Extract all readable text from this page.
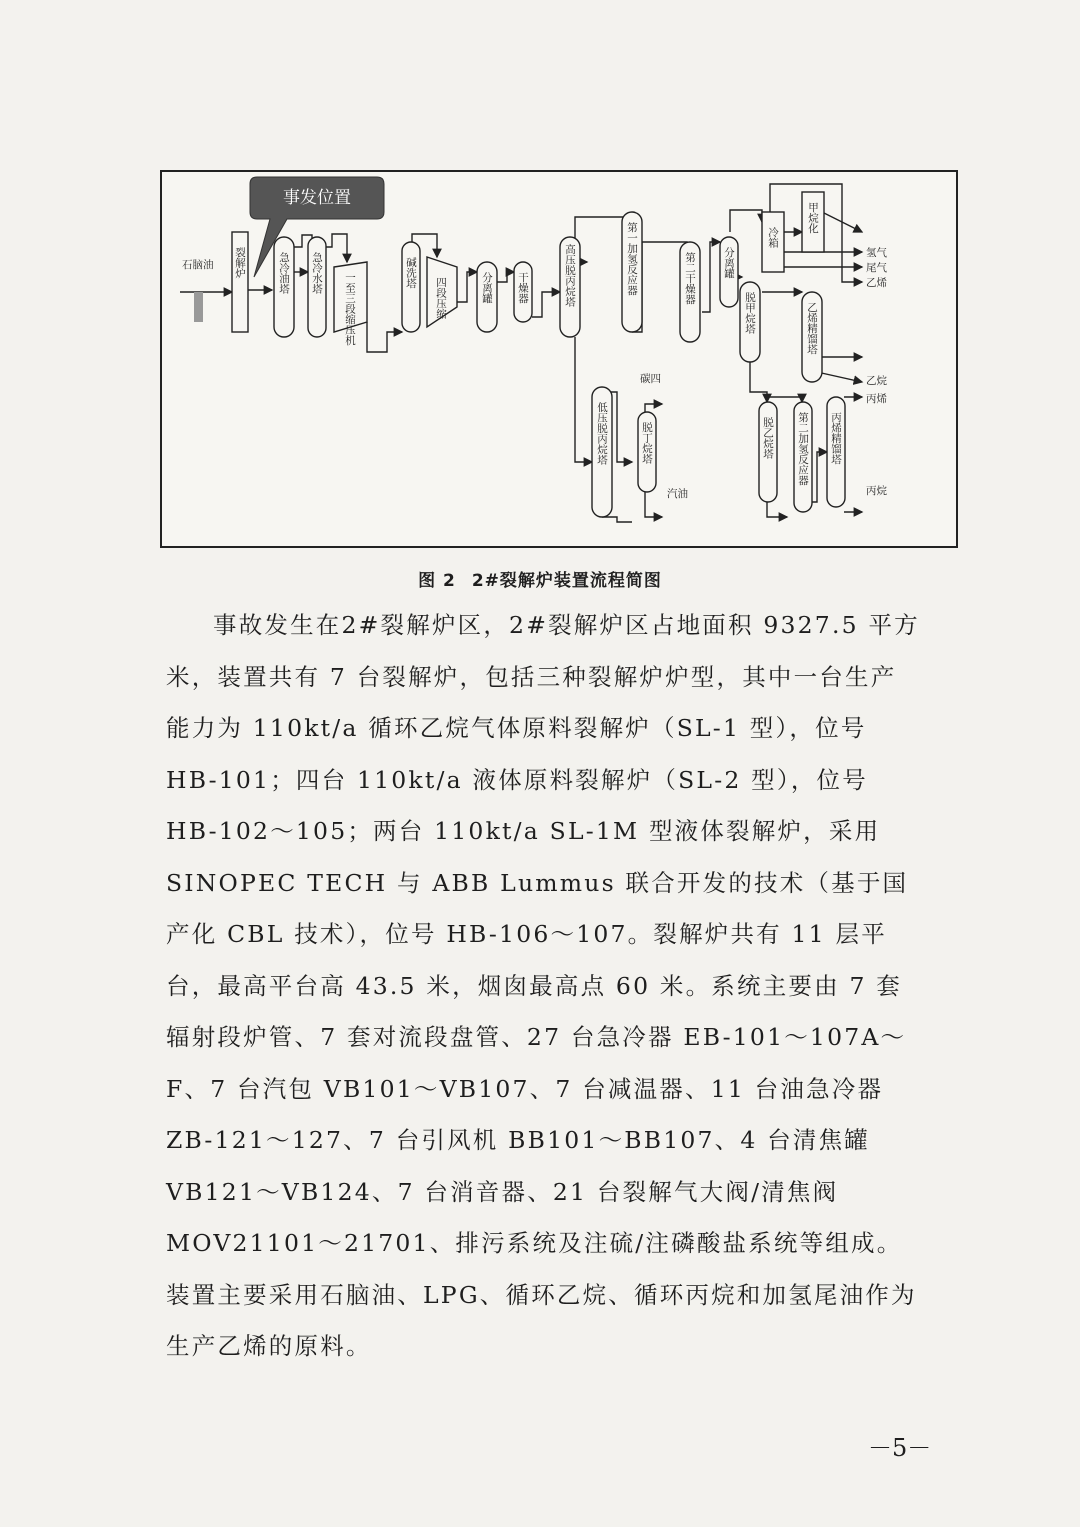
事发位置
石脑油 裂解炉	急冷油塔 急冷水塔 一至三段缩压机	碱洗塔
四段压缩	分离罐 干燥器	高压脱丙烷塔	第一加氢反应器	第二干燥器	分离罐
冷箱
甲烷化
脱甲烷塔	乙烯精馏塔
低压脱丙烷塔	脱丁烷塔	脱乙烷塔 第二加氢反应器 丙烯精馏塔
氢气
尾气
乙烯
乙烷
丙烯
碳四
汽油	丙烷
图 2 2#裂解炉装置流程简图

事故发生在2#裂解炉区，2#裂解炉区占地面积 9327.5 平方米，装置共有 7 台裂解炉，包括三种裂解炉炉型，其中一台生产能力为 110kt/a 循环乙烷气体原料裂解炉（SL-1 型），位号 HB-101；四台 110kt/a 液体原料裂解炉（SL-2 型），位号 HB-102～105；两台 110kt/a SL-1M 型液体裂解炉，采用 SINOPEC TECH 与 ABB Lummus 联合开发的技术（基于国产化 CBL 技术），位号 HB-106～107。裂解炉共有 11 层平台，最高平台高 43.5 米，烟囱最高点 60 米。系统主要由 7 套辐射段炉管、7 套对流段盘管、27 台急冷器 EB-101～107A～F、7 台汽包 VB101～VB107、7 台减温器、11 台油急冷器 ZB-121～127、7 台引风机 BB101～BB107、4 台清焦罐 VB121～VB124、7 台消音器、21 台裂解气大阀/清焦阀 MOV21101～21701、排污系统及注硫/注磷酸盐系统等组成。装置主要采用石脑油、LPG、循环乙烷、循环丙烷和加氢尾油作为生产乙烯的原料。

－5－
